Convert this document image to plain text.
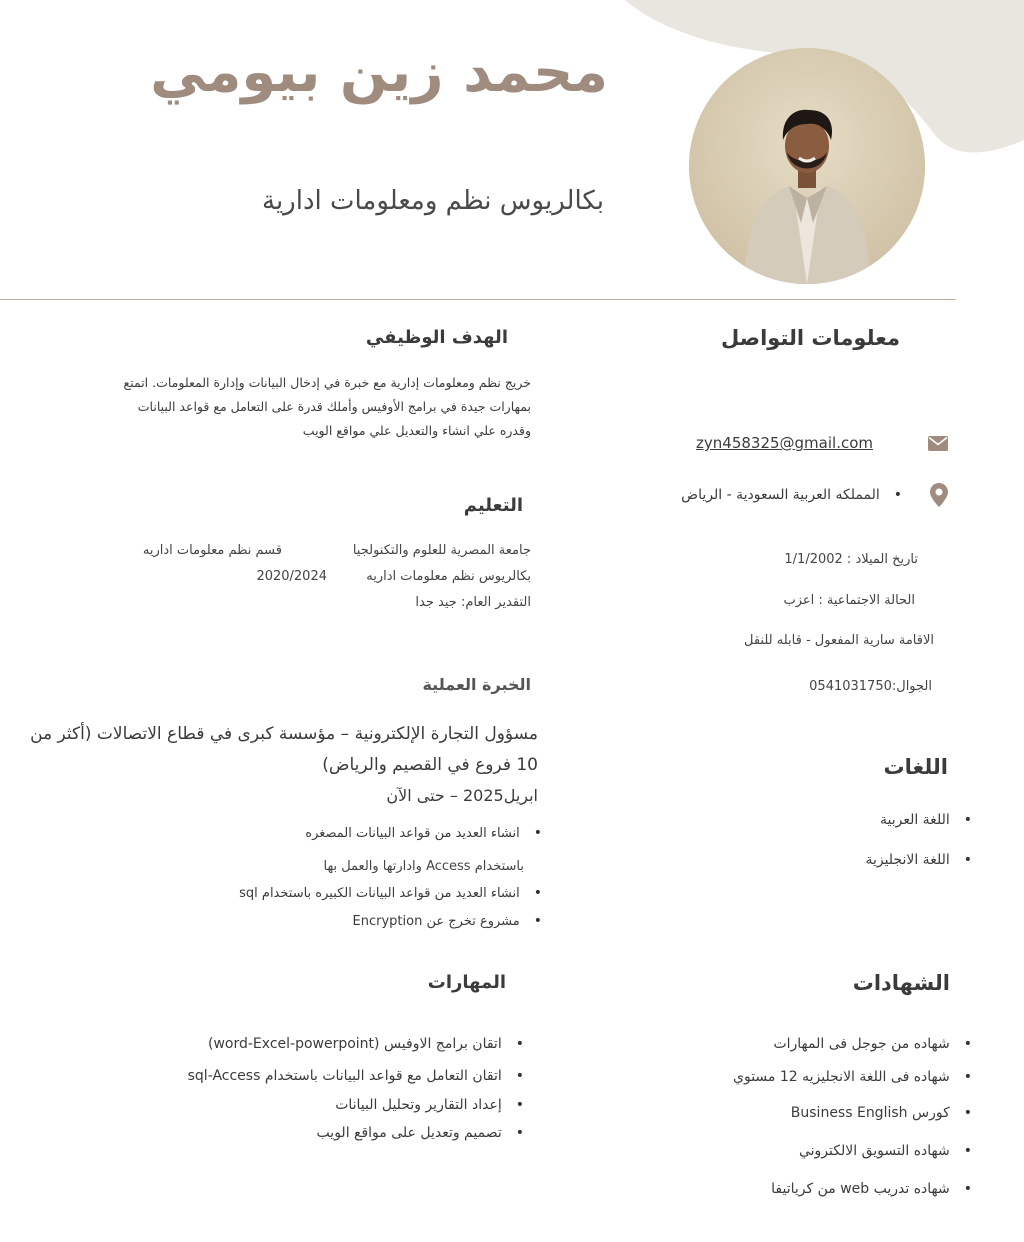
محمد زين بيومي

بكالريوس نظم ومعلومات ادارية

معلومات التواصل

zyn458325@gmail.com

• المملكه العربية السعودية - الرياض

تاريخ الميلاد : 1/1/2002

الحالة الاجتماعية : اعزب

الاقامة سارية المفعول - قابله للنقل

الجوال:0541031750

اللغات

• اللغة العربية

• اللغة الانجليزية

الشهادات

• شهاده من جوجل فى المهارات

• شهاده فى اللغة الانجليزيه 12 مستوي

• كورس Business English

• شهاده التسويق الالكتروني

• شهاده تدريب web من كرياتيفا

الهدف الوظيفي

خريج نظم ومعلومات إدارية مع خبرة في إدخال البيانات وإدارة المعلومات. اتمتع
بمهارات جيدة في برامج الأوفيس وأملك قدرة على التعامل مع قواعد البيانات
وقدره علي انشاء والتعديل علي مواقع الويب

التعليم

جامعة المصرية للعلوم والتكنولجيا

قسم نظم معلومات اداريه

بكالريوس نظم معلومات اداريه

2020/2024

التقدير العام: جيد جدا

الخبرة العملية

مسؤول التجارة الإلكترونية – مؤسسة كبرى في قطاع الاتصالات (أكثر من

10 فروع في القصيم والرياض)

ابريل2025 – حتى الآن

• انشاء العديد من قواعد البيانات المصغره

باستخدام Access وادارتها والعمل بها

• انشاء العديد من قواعد البيانات الكبيره باستخدام sql

• مشروع تخرج عن Encryption

المهارات

• اتقان برامج الاوفيس (word-Excel-powerpoint)

• اتقان التعامل مع قواعد البيانات باستخدام sql-Access

• إعداد التقارير وتحليل البيانات

• تصميم وتعديل على مواقع الويب
